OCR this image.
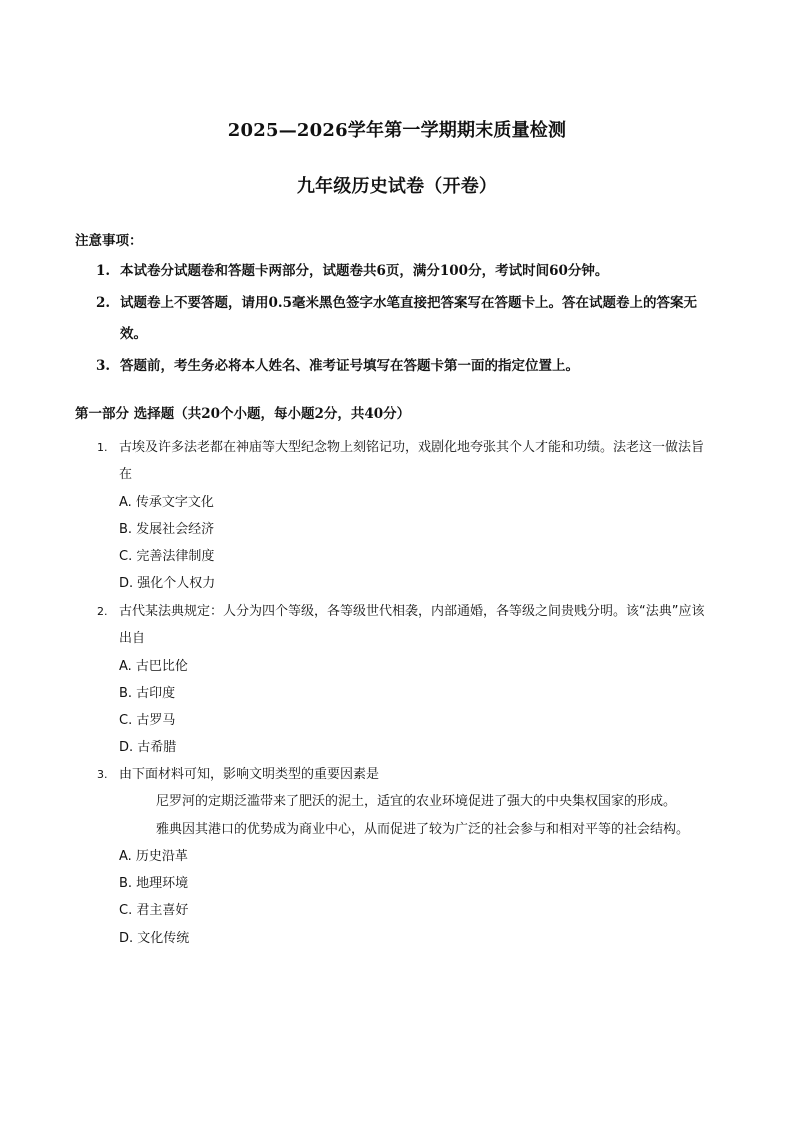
2025—2026学年第一学期期末质量检测
九年级历史试卷（开卷）
注意事项：
1. 本试卷分试题卷和答题卡两部分，试题卷共6页，满分100分，考试时间60分钟。
2. 试题卷上不要答题，请用0.5毫米黑色签字水笔直接把答案写在答题卡上。答在试题卷上的答案无效。
3. 答题前，考生务必将本人姓名、准考证号填写在答题卡第一面的指定位置上。
第一部分 选择题（共20个小题，每小题2分，共40分）
1. 古埃及许多法老都在神庙等大型纪念物上刻铭记功，戏剧化地夸张其个人才能和功绩。法老这一做法旨在
A. 传承文字文化
B. 发展社会经济
C. 完善法律制度
D. 强化个人权力
2. 古代某法典规定：人分为四个等级，各等级世代相袭，内部通婚，各等级之间贵贱分明。该“法典”应该出自
A. 古巴比伦
B. 古印度
C. 古罗马
D. 古希腊
3. 由下面材料可知，影响文明类型的重要因素是
尼罗河的定期泛滥带来了肥沃的泥土，适宜的农业环境促进了强大的中央集权国家的形成。
雅典因其港口的优势成为商业中心，从而促进了较为广泛的社会参与和相对平等的社会结构。
A. 历史沿革
B. 地理环境
C. 君主喜好
D. 文化传统
